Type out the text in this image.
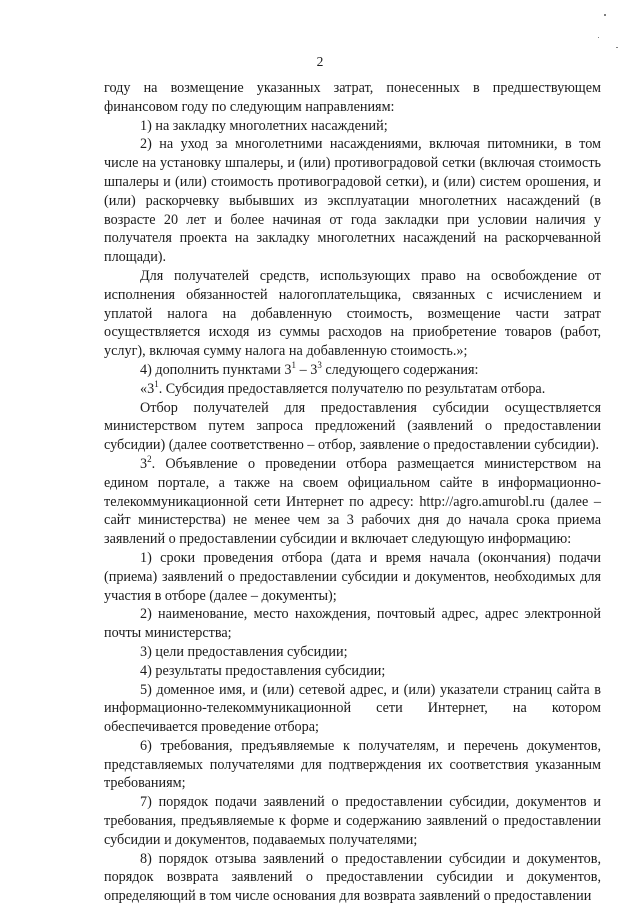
2

году на возмещение указанных затрат, понесенных в предшествующем финансовом году по следующим направлениям:

1) на закладку многолетних насаждений;

2) на уход за многолетними насаждениями, включая питомники, в том числе на установку шпалеры, и (или) противоградовой сетки (включая стоимость шпалеры и (или) стоимость противоградовой сетки), и (или) систем орошения, и (или) раскорчевку выбывших из эксплуатации многолетних насаждений (в возрасте 20 лет и более начиная от года закладки при условии наличия у получателя проекта на закладку многолетних насаждений на раскорчеванной площади).

Для получателей средств, использующих право на освобождение от исполнения обязанностей налогоплательщика, связанных с исчислением и уплатой налога на добавленную стоимость, возмещение части затрат осуществляется исходя из суммы расходов на приобретение товаров (работ, услуг), включая сумму налога на добавленную стоимость.»;

4) дополнить пунктами $3^1 - 3^3$ следующего содержания:

«$3^1$. Субсидия предоставляется получателю по результатам отбора.

Отбор получателей для предоставления субсидии осуществляется министерством путем запроса предложений (заявлений о предоставлении субсидии) (далее соответственно – отбор, заявление о предоставлении субсидии).

$3^2$. Объявление о проведении отбора размещается министерством на едином портале, а также на своем официальном сайте в информационно-телекоммуникационной сети Интернет по адресу: http://agro.amurobl.ru (далее – сайт министерства) не менее чем за 3 рабочих дня до начала срока приема заявлений о предоставлении субсидии и включает следующую информацию:

1) сроки проведения отбора (дата и время начала (окончания) подачи (приема) заявлений о предоставлении субсидии и документов, необходимых для участия в отборе (далее – документы);

2) наименование, место нахождения, почтовый адрес, адрес электронной почты министерства;

3) цели предоставления субсидии;

4) результаты предоставления субсидии;

5) доменное имя, и (или) сетевой адрес, и (или) указатели страниц сайта в информационно-телекоммуникационной сети Интернет, на котором обеспечивается проведение отбора;

6) требования, предъявляемые к получателям, и перечень документов, представляемых получателями для подтверждения их соответствия указанным требованиям;

7) порядок подачи заявлений о предоставлении субсидии, документов и требования, предъявляемые к форме и содержанию заявлений о предоставлении субсидии и документов, подаваемых получателями;

8) порядок отзыва заявлений о предоставлении субсидии и документов, порядок возврата заявлений о предоставлении субсидии и документов, определяющий в том числе основания для возврата заявлений о предоставлении
